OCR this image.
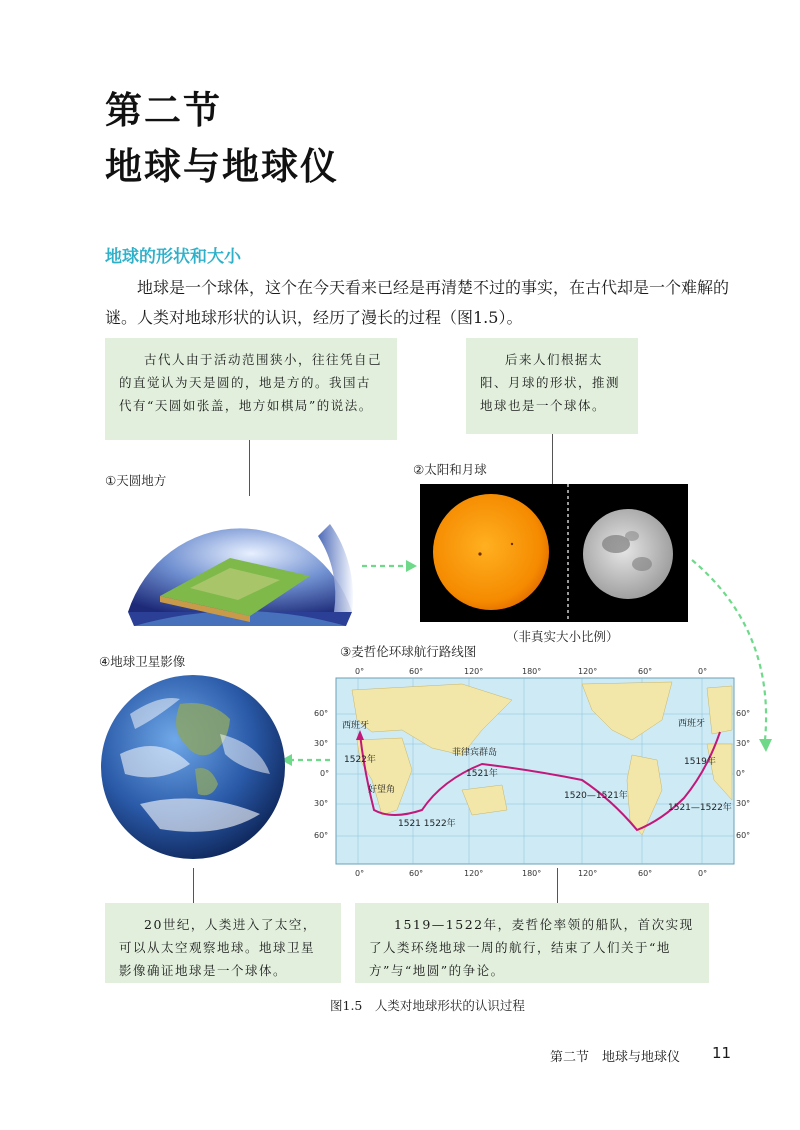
第二节
地球与地球仪
地球的形状和大小

地球是一个球体，这个在今天看来已经是再清楚不过的事实，在古代却是一个难解的谜。人类对地球形状的认识，经历了漫长的过程（图1.5）。

古代人由于活动范围狭小，往往凭自己的直觉认为天是圆的，地是方的。我国古代有“天圆如张盖，地方如棋局”的说法。
后来人们根据太阳、月球的形状，推测地球也是一个球体。
①天圆地方
②太阳和月球
（非真实大小比例）
④地球卫星影像
③麦哲伦环球航行路线图
0°	60°	120°	180°	120°	60°	0°
60°
30°
0°
30°
60°
60°
30°
0°
30°
60°
西班牙	西班牙
1522年
好望角
菲律宾群岛
1521年
1520—1521年
1519年
1521—1522年
1521 1522年
0°	60°	120°	180°	120°	60°	0°
20世纪，人类进入了太空，可以从太空观察地球。地球卫星影像确证地球是一个球体。
1519—1522年，麦哲伦率领的船队，首次实现了人类环绕地球一周的航行，结束了人们关于“地方”与“地圆”的争论。
图1.5　人类对地球形状的认识过程
第二节　地球与地球仪 11
